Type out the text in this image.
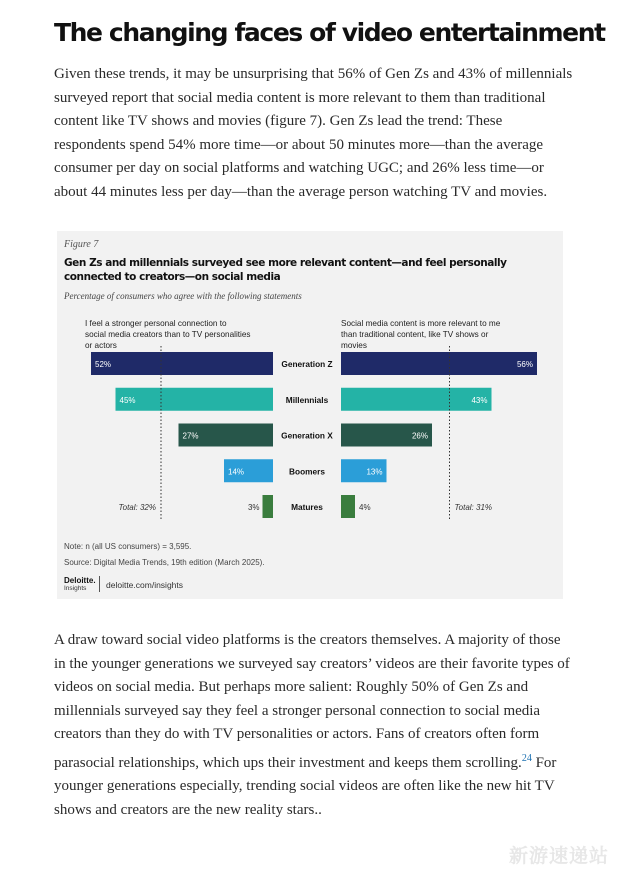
The changing faces of video entertainment

Given these trends, it may be unsurprising that 56% of Gen Zs and 43% of millennials surveyed report that social media content is more relevant to them than traditional content like TV shows and movies (figure 7). Gen Zs lead the trend: These respondents spend 54% more time—or about 50 minutes more—than the average consumer per day on social platforms and watching UGC; and 26% less time—or about 44 minutes less per day—than the average person watching TV and movies.

Figure 7

Gen Zs and millennials surveyed see more relevant content—and feel personally connected to creators—on social media

Percentage of consumers who agree with the following statements
I feel a stronger personal connection to
social media creators than to TV personalities
or actors
Social media content is more relevant to me
than traditional content, like TV shows or
movies
Generation Z
52%	56%
Millennials
45%	43%
Generation X
27%	26%
Boomers
14%	13%
Matures
3%	4%
Total: 32%	Total: 31%
Note: n (all US consumers) = 3,595.
Source: Digital Media Trends, 19th edition (March 2025).
Deloitte.
Insights	deloitte.com/insights

A draw toward social video platforms is the creators themselves. A majority of those in the younger generations we surveyed say creators’ videos are their favorite types of videos on social media. But perhaps more salient: Roughly 50% of Gen Zs and millennials surveyed say they feel a stronger personal connection to social media creators than they do with TV personalities or actors. Fans of creators often form parasocial relationships, which ups their investment and keeps them scrolling.$^{24}$ For younger generations especially, trending social videos are often like the new hit TV shows and creators are the new reality stars..

新游速递站
